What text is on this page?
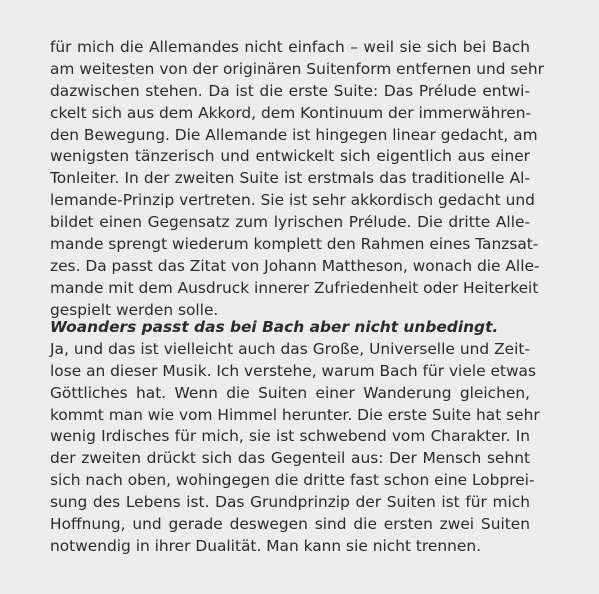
für mich die Allemandes nicht einfach – weil sie sich bei Bach
am weitesten von der originären Suitenform entfernen und sehr
dazwischen stehen. Da ist die erste Suite: Das Prélude entwi-
ckelt sich aus dem Akkord, dem Kontinuum der immerwähren-
den Bewegung. Die Allemande ist hingegen linear gedacht, am
wenigsten tänzerisch und entwickelt sich eigentlich aus einer
Tonleiter. In der zweiten Suite ist erstmals das traditionelle Al-
lemande-Prinzip vertreten. Sie ist sehr akkordisch gedacht und
bildet einen Gegensatz zum lyrischen Prélude. Die dritte Alle-
mande sprengt wiederum komplett den Rahmen eines Tanzsat-
zes. Da passt das Zitat von Johann Mattheson, wonach die Alle-
mande mit dem Ausdruck innerer Zufriedenheit oder Heiterkeit
gespielt werden solle.
Woanders passt das bei Bach aber nicht unbedingt.
Ja, und das ist vielleicht auch das Große, Universelle und Zeit-
lose an dieser Musik. Ich verstehe, warum Bach für viele etwas
Göttliches hat. Wenn die Suiten einer Wanderung gleichen,
kommt man wie vom Himmel herunter. Die erste Suite hat sehr
wenig Irdisches für mich, sie ist schwebend vom Charakter. In
der zweiten drückt sich das Gegenteil aus: Der Mensch sehnt
sich nach oben, wohingegen die dritte fast schon eine Lobprei-
sung des Lebens ist. Das Grundprinzip der Suiten ist für mich
Hoffnung, und gerade deswegen sind die ersten zwei Suiten
notwendig in ihrer Dualität. Man kann sie nicht trennen.
